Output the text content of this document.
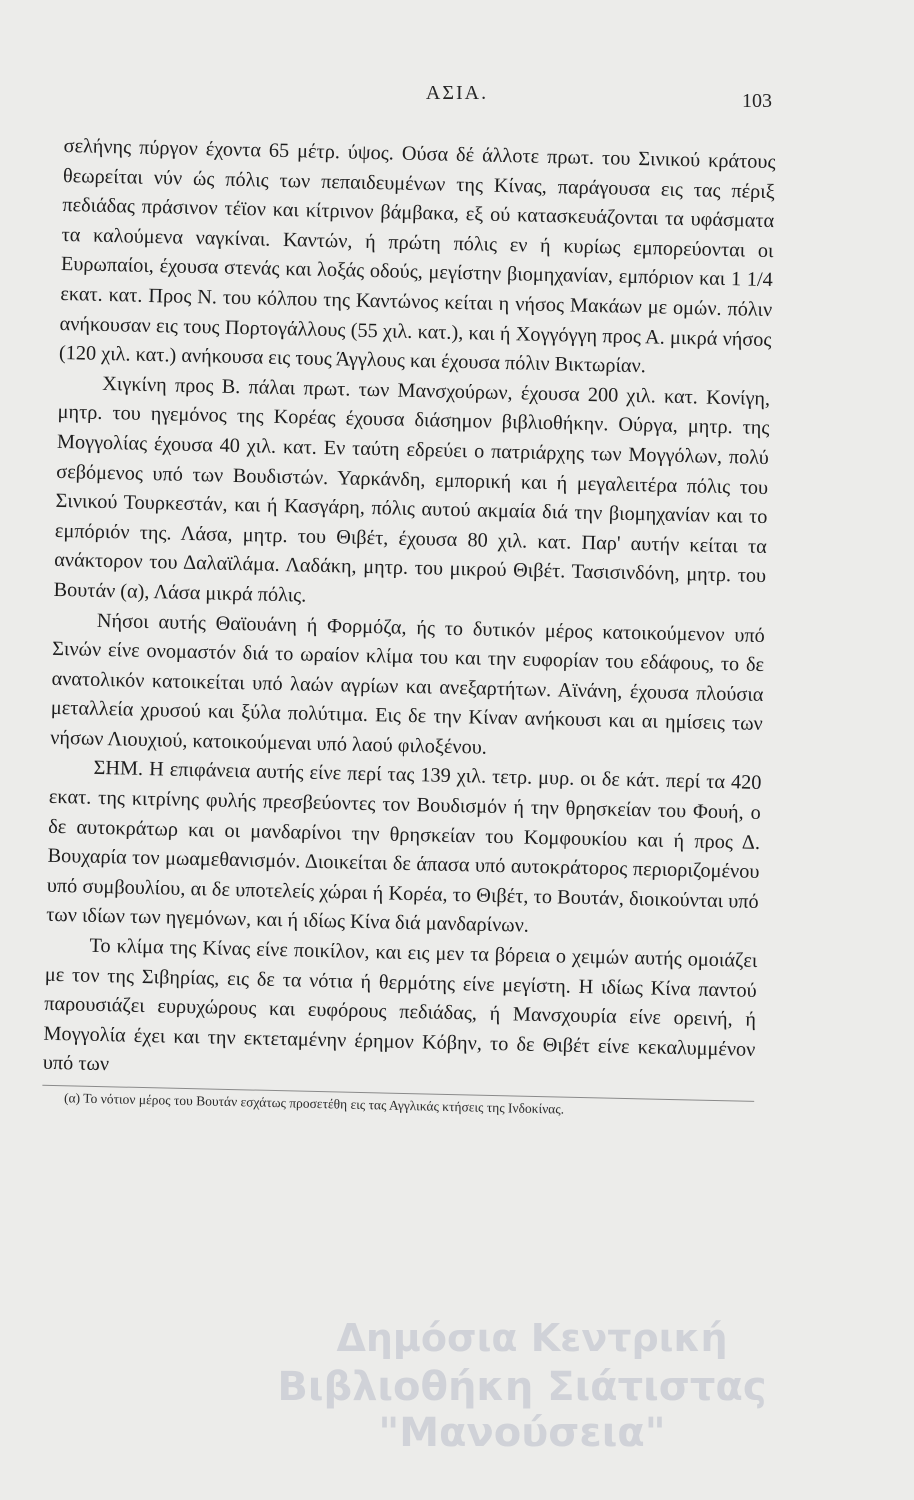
ΑΣΙΑ.	103

σελήνης πύργον έχοντα 65 μέτρ. ύψος. Ούσα δέ άλλοτε πρωτ. του Σινικού κράτους θεωρείται νύν ώς πόλις των πεπαιδευμένων της Κίνας, παράγουσα εις τας πέριξ πεδιάδας πράσινον τέϊον και κίτρινον βάμβακα, εξ ού κατασκευάζονται τα υφάσματα τα καλούμενα ναγκίναι. Καντών, ή πρώτη πόλις εν ή κυρίως εμπορεύονται οι Ευρωπαίοι, έχουσα στενάς και λοξάς οδούς, μεγίστην βιομηχανίαν, εμπόριον και 1 1/4 εκατ. κατ. Προς Ν. του κόλπου της Καντώνος κείται η νήσος Μακάων με ομών. πόλιν ανήκουσαν εις τους Πορτογάλλους (55 χιλ. κατ.), και ή Χογγόγγη προς Α. μικρά νήσος (120 χιλ. κατ.) ανήκουσα εις τους Άγγλους και έχουσα πόλιν Βικτωρίαν.

Χιγκίνη προς Β. πάλαι πρωτ. των Μανσχούρων, έχουσα 200 χιλ. κατ. Κονίγη, μητρ. του ηγεμόνος της Κορέας έχουσα διάσημον βιβλιοθήκην. Ούργα, μητρ. της Μογγολίας έχουσα 40 χιλ. κατ. Εν ταύτη εδρεύει ο πατριάρχης των Μογγόλων, πολύ σεβόμενος υπό των Βουδιστών. Υαρκάνδη, εμπορική και ή μεγαλειτέρα πόλις του Σινικού Τουρκεστάν, και ή Κασγάρη, πόλις αυτού ακμαία διά την βιομηχανίαν και το εμπόριόν της. Λάσα, μητρ. του Θιβέτ, έχουσα 80 χιλ. κατ. Παρ' αυτήν κείται τα ανάκτορον του Δαλαϊλάμα. Λαδάκη, μητρ. του μικρού Θιβέτ. Τασισινδόνη, μητρ. του Βουτάν (α), Λάσα μικρά πόλις.

Νήσοι αυτής Θαϊουάνη ή Φορμόζα, ής το δυτικόν μέρος κατοικούμενον υπό Σινών είνε ονομαστόν διά το ωραίον κλίμα του και την ευφορίαν του εδάφους, το δε ανατολικόν κατοικείται υπό λαών αγρίων και ανεξαρτήτων. Αϊνάνη, έχουσα πλούσια μεταλλεία χρυσού και ξύλα πολύτιμα. Εις δε την Κίναν ανήκουσι και αι ημίσεις των νήσων Λιουχιού, κατοικούμεναι υπό λαού φιλοξένου.

ΣΗΜ. Η επιφάνεια αυτής είνε περί τας 139 χιλ. τετρ. μυρ. οι δε κάτ. περί τα 420 εκατ. της κιτρίνης φυλής πρεσβεύοντες τον Βουδισμόν ή την θρησκείαν του Φουή, ο δε αυτοκράτωρ και οι μανδαρίνοι την θρησκείαν του Κομφουκίου και ή προς Δ. Βουχαρία τον μωαμεθανισμόν. Διοικείται δε άπασα υπό αυτοκράτορος περιοριζομένου υπό συμβουλίου, αι δε υποτελείς χώραι ή Κορέα, το Θιβέτ, το Βουτάν, διοικούνται υπό των ιδίων των ηγεμόνων, και ή ιδίως Κίνα διά μανδαρίνων.

Το κλίμα της Κίνας είνε ποικίλον, και εις μεν τα βόρεια ο χειμών αυτής ομοιάζει με τον της Σιβηρίας, εις δε τα νότια ή θερμότης είνε μεγίστη. Η ιδίως Κίνα παντού παρουσιάζει ευρυχώρους και ευφόρους πεδιάδας, ή Μανσχουρία είνε ορεινή, ή Μογγολία έχει και την εκτεταμένην έρημον Κόβην, το δε Θιβέτ είνε κεκαλυμμένον υπό των

(α) Το νότιον μέρος του Βουτάν εσχάτως προσετέθη εις τας Αγγλικάς κτήσεις της Ινδοκίνας.
Δημόσια Κεντρική
Βιβλιοθήκη Σιάτιστας "Μανούσεια"
